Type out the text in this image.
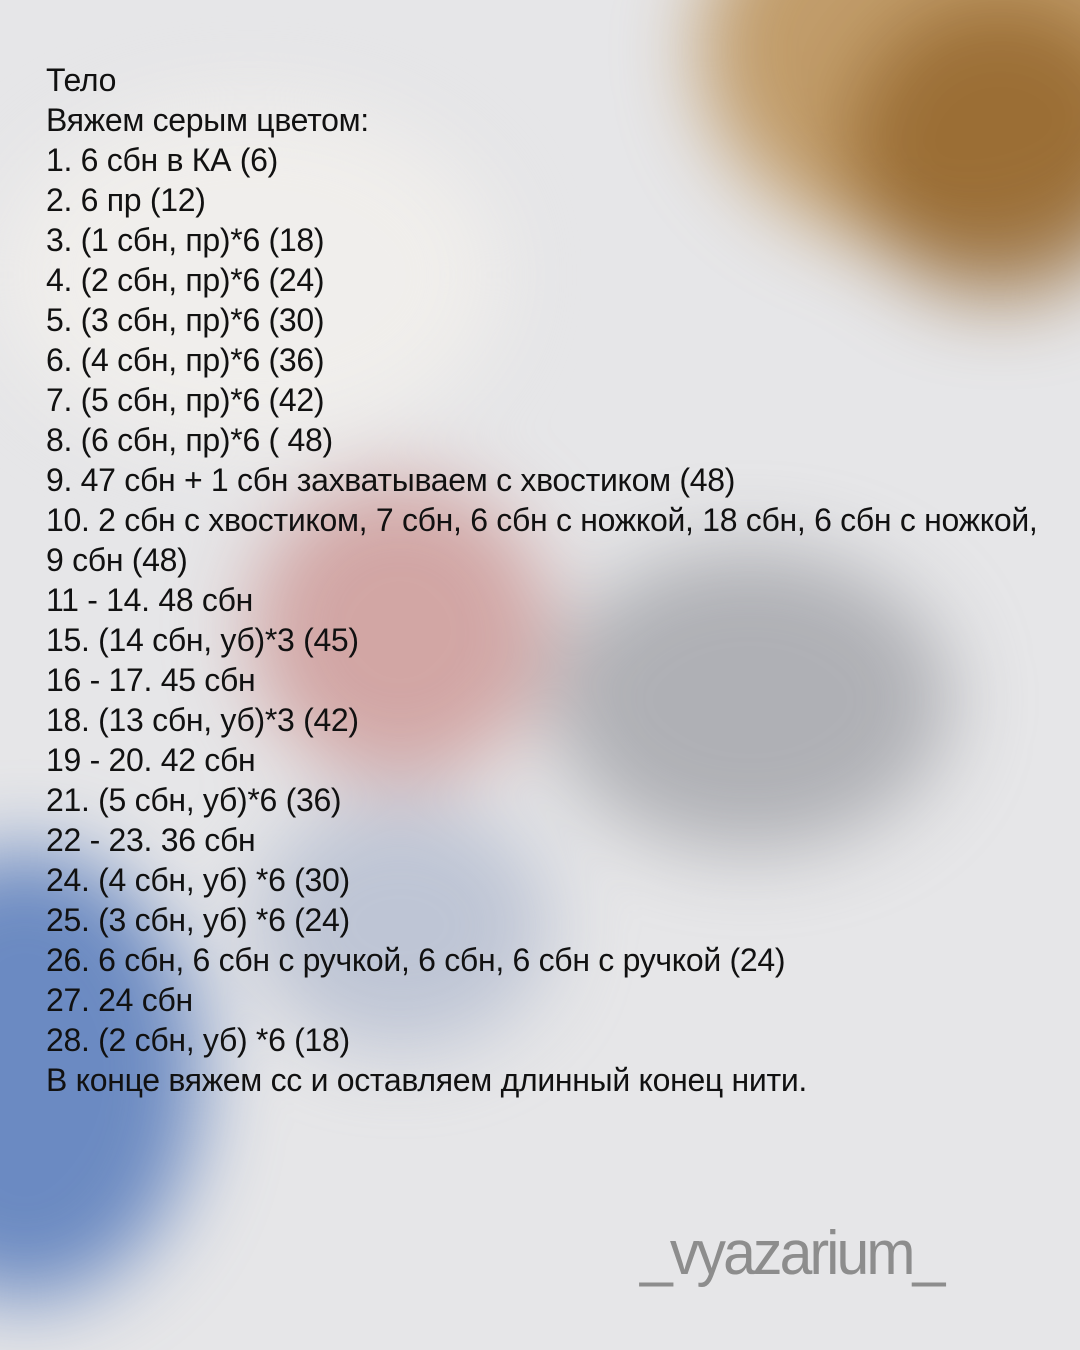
Тело

Вяжем серым цветом:

1. 6 сбн в КА (6)

2. 6 пр (12)

3. (1 сбн, пр)*6 (18)

4. (2 сбн, пр)*6 (24)

5. (3 сбн, пр)*6 (30)

6. (4 сбн, пр)*6 (36)

7. (5 сбн, пр)*6 (42)

8. (6 сбн, пр)*6 ( 48)

9. 47 сбн + 1 сбн захватываем с хвостиком (48)

10. 2 сбн с хвостиком, 7 сбн, 6 сбн с ножкой, 18 сбн, 6 сбн с ножкой, 9 сбн (48)

11 - 14. 48 сбн

15. (14 сбн, уб)*3 (45)

16 - 17. 45 сбн

18. (13 сбн, уб)*3 (42)

19 - 20. 42 сбн

21. (5 сбн, уб)*6 (36)

22 - 23. 36 сбн

24. (4 сбн, уб) *6 (30)

25. (3 сбн, уб) *6 (24)

26. 6 сбн, 6 сбн с ручкой, 6 сбн, 6 сбн с ручкой (24)

27. 24 сбн

28. (2 сбн, уб) *6 (18)

В конце вяжем сс и оставляем длинный конец нити.

_vyazarium_
